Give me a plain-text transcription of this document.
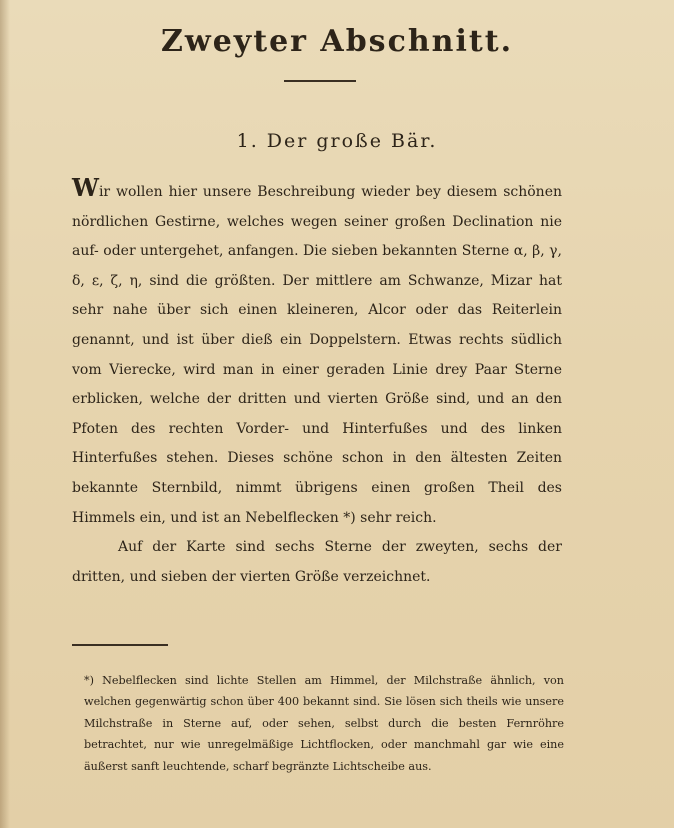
Zweyter Abschnitt.
1. Der große Bär.

Wir wollen hier unsere Beschreibung wieder bey diesem schönen nördlichen Gestirne, welches wegen seiner großen Declination nie auf- oder untergehet, anfangen. Die sieben bekannten Sterne α, β, γ, δ, ε, ζ, η, sind die größten. Der mittlere am Schwanze, Mizar hat sehr nahe über sich einen kleineren, Alcor oder das Reiterlein genannt, und ist über dieß ein Doppelstern. Etwas rechts südlich vom Vierecke, wird man in einer geraden Linie drey Paar Sterne erblicken, welche der dritten und vierten Größe sind, und an den Pfoten des rechten Vorder- und Hinterfußes und des linken Hinterfußes stehen. Dieses schöne schon in den ältesten Zeiten bekannte Sternbild, nimmt übrigens einen großen Theil des Himmels ein, und ist an Nebelflecken *) sehr reich.

Auf der Karte sind sechs Sterne der zweyten, sechs der dritten, und sieben der vierten Größe verzeichnet.

*) Nebelflecken sind lichte Stellen am Himmel, der Milchstraße ähnlich, von welchen gegenwärtig schon über 400 bekannt sind. Sie lösen sich theils wie unsere Milchstraße in Sterne auf, oder sehen, selbst durch die besten Fernröhre betrachtet, nur wie unregelmäßige Lichtflocken, oder manchmahl gar wie eine äußerst sanft leuchtende, scharf begränzte Lichtscheibe aus.
